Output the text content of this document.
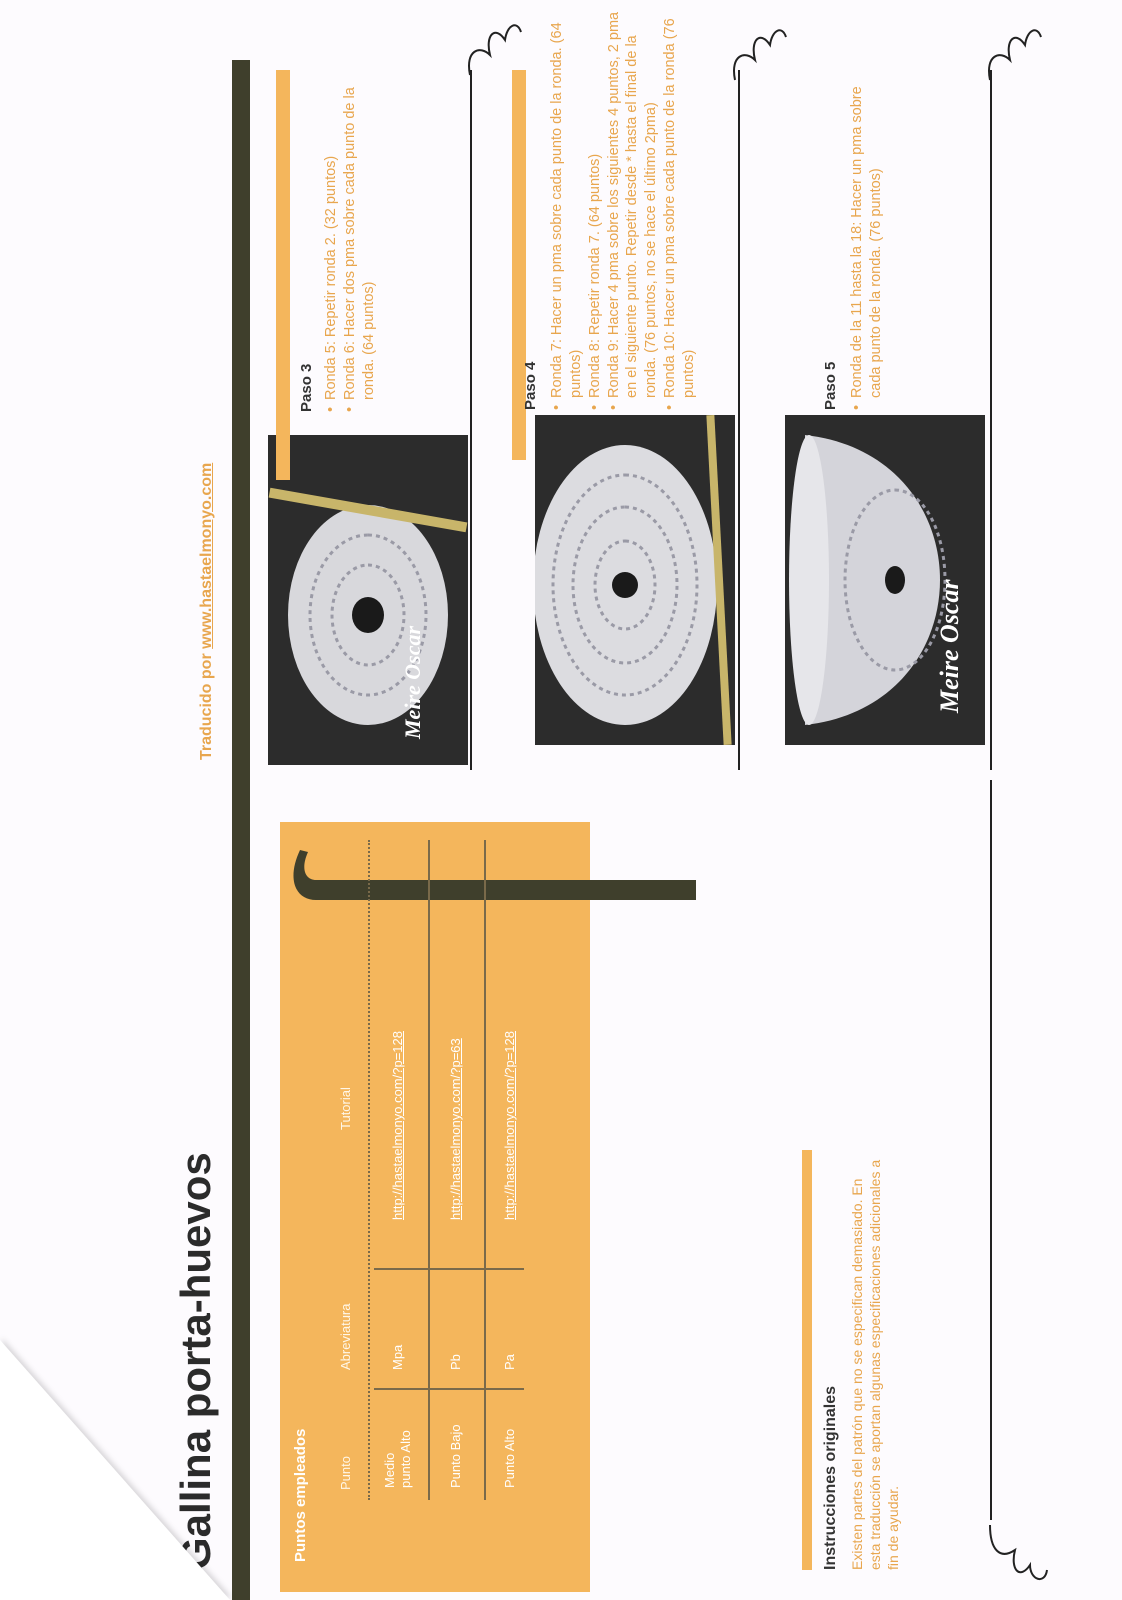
Gallina porta-huevos
Traducido por www.hastaelmonyo.com
Puntos empleados Punto
Abreviatura
Tutorial
Medio punto Alto
Mpa
http://hastaelmonyo.com/?p=128
Punto Bajo
Pb
http://hastaelmonyo.com/?p=63
Punto Alto
Pa
http://hastaelmonyo.com/?p=128
Instrucciones originales Existen partes del patrón que no se especifican demasiado. En esta traducción se aportan algunas especificaciones adicionales a fin de ayudar.
Meire Oscar
Paso 3 • Ronda 5: Repetir ronda 2. (32 puntos) • Ronda 6: Hacer dos pma sobre cada punto de la ronda. (64 puntos)	Paso 4 • Ronda 7: Hacer un pma sobre cada punto de la ronda. (64 puntos) • Ronda 8: Repetir ronda 7. (64 puntos) • Ronda 9: Hacer 4 pma sobre los siguientes 4 puntos, 2 pma en el siguiente punto. Repetir desde * hasta el final de la ronda. (76 puntos, no se hace el último 2pma) • Ronda 10: Hacer un pma sobre cada punto de la ronda (76 puntos)
Meire Oscar
Paso 5 • Ronda de la 11 hasta la 18: Hacer un pma sobre cada punto de la ronda. (76 puntos)
